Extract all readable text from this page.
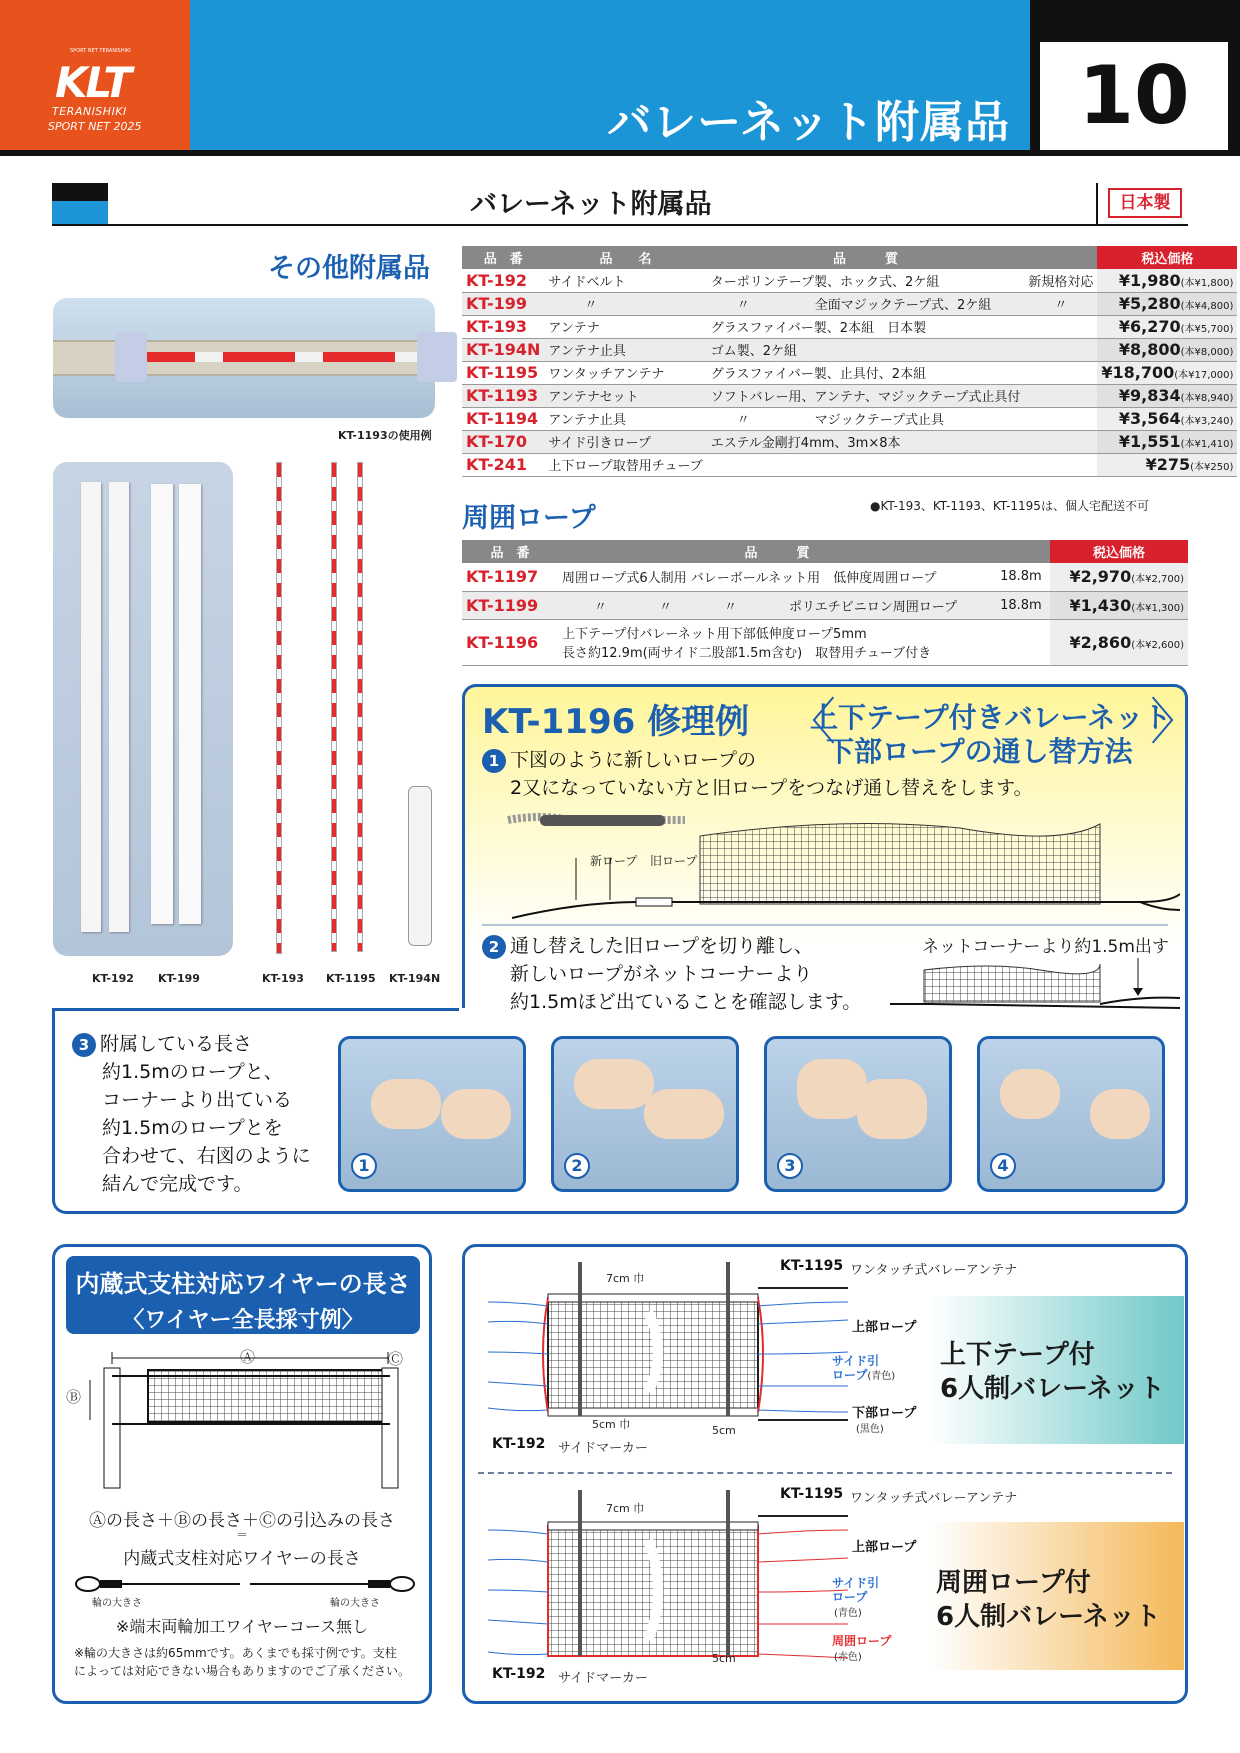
SPORT NET TERANISHIKI
KLT
TERANISHIKI
SPORT NET 2025	バレーネット附属品 10
バレーネット附属品	日本製
その他附属品
KT-1193の使用例
KT-192 KT-199	KT-193 KT-1195 KT-194N
品　番	品　　名	品　　　質		税込価格
KT-192	サイドベルト	ターポリンテープ製、ホック式、2ケ組	新規格対応	¥1,980(本¥1,800)
KT-199	〃	〃　　　　　全面マジックテープ式、2ケ組	〃	¥5,280(本¥4,800)
KT-193	アンテナ	グラスファイバー製、2本組　日本製		¥6,270(本¥5,700)
KT-194N	アンテナ止具	ゴム製、2ケ組		¥8,800(本¥8,000)
KT-1195	ワンタッチアンテナ	グラスファイバー製、止具付、2本組		¥18,700(本¥17,000)
KT-1193	アンテナセット	ソフトバレー用、アンテナ、マジックテープ式止具付		¥9,834(本¥8,940)
KT-1194	アンテナ止具	〃　　　　　マジックテープ式止具		¥3,564(本¥3,240)
KT-170	サイド引きロープ	エステル金剛打4mm、3m×8本		¥1,551(本¥1,410)
KT-241	上下ロープ取替用チューブ			¥275(本¥250)
周囲ロープ	●KT-193、KT-1193、KT-1195は、個人宅配送不可
品　番	品　　　質		税込価格
KT-1197	周囲ロープ式6人制用 バレーボールネット用　低伸度周囲ロープ	18.8m	¥2,970(本¥2,700)
KT-1199	〃　　　　〃　　　　〃　　　　ポリエチビニロン周囲ロープ	18.8m	¥1,430(本¥1,300)
KT-1196	上下テープ付バレーネット用下部低伸度ロープ5mm
長さ約12.9m(両サイド二股部1.5m含む)　取替用チューブ付き		¥2,860(本¥2,600)
KT-1196 修理例 〈
上下テープ付きバレーネット
下部ロープの通し替方法
〉
1 下図のように新しいロープの
2又になっていない方と旧ロープをつなげ通し替えをします。
新ロープ 旧ロープ
2 通し替えした旧ロープを切り離し、
新しいロープがネットコーナーより
約1.5mほど出ていることを確認します。
ネットコーナーより約1.5m出す
3 附属している長さ
約1.5mのロープと、
コーナーより出ている
約1.5mのロープとを
合わせて、右図のように
結んで完成です。
1	2	3	4
内蔵式支柱対応ワイヤーの長さ
〈ワイヤー全長採寸例〉
Ⓐ
Ⓑ
Ⓒ
Ⓐの長さ＋Ⓑの長さ＋Ⓒの引込みの長さ
＝
内蔵式支柱対応ワイヤーの長さ
輪の大きさ	輪の大きさ
※端末両輪加工ワイヤーコース無し
※輪の大きさは約65mmです。あくまでも採寸例です。支柱
によっては対応できない場合もありますのでご了承ください。
KT-1195 ワンタッチ式バレーアンテナ
7cm 巾
5cm 巾	5cm
上部ロープ
サイド引
ロープ(青色)
下部ロープ
(黒色)
KT-192 サイドマーカー
上下テープ付
6人制バレーネット
KT-1195 ワンタッチ式バレーアンテナ
7cm 巾
5cm
上部ロープ
サイド引
ロープ
(青色)
周囲ロープ
(赤色)
KT-192 サイドマーカー
周囲ロープ付
6人制バレーネット
